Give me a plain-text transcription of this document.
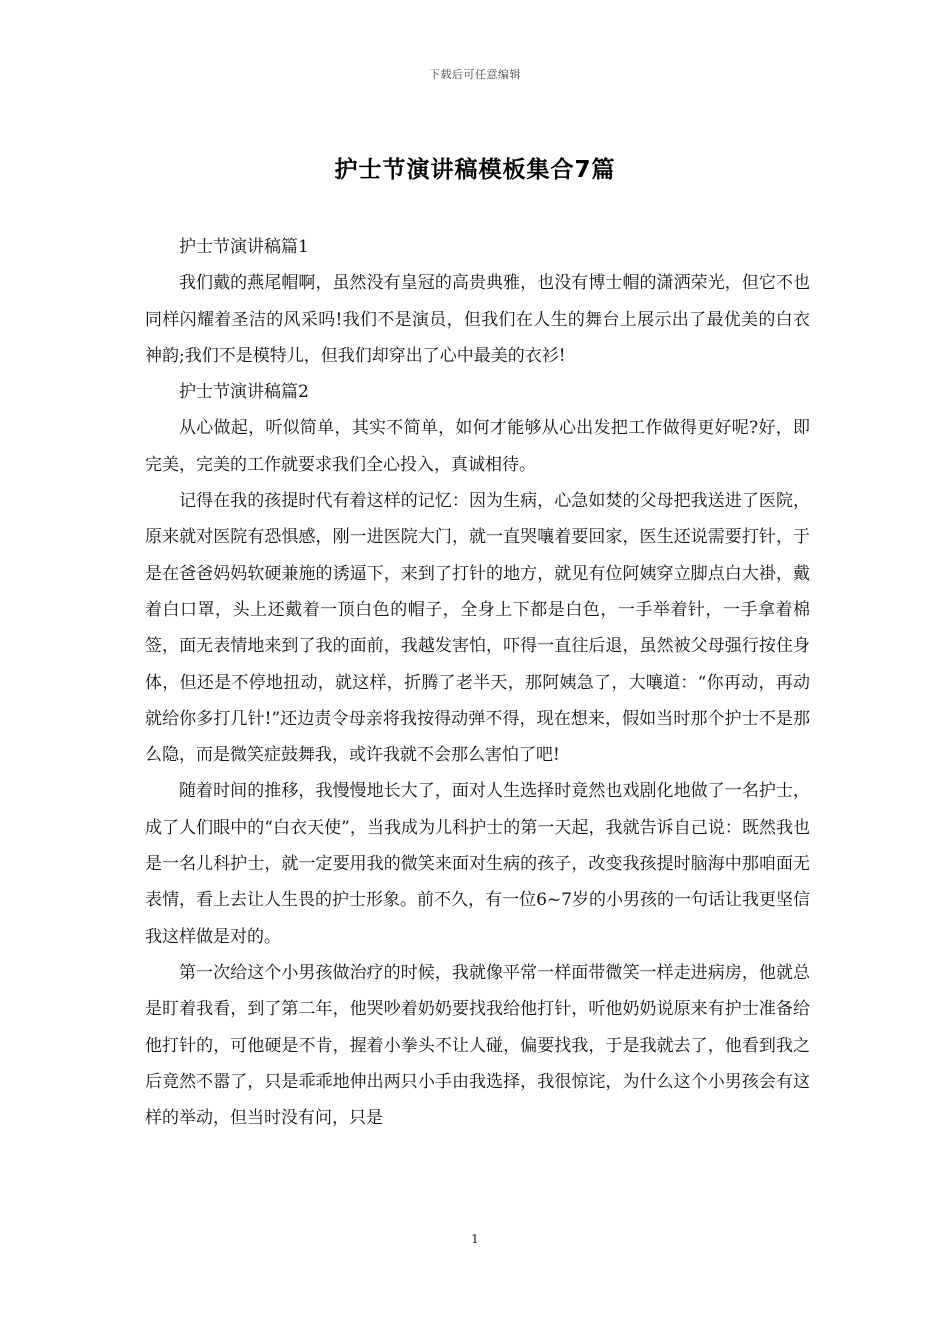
下载后可任意编辑
护士节演讲稿模板集合7篇

护士节演讲稿篇1

我们戴的燕尾帽啊，虽然没有皇冠的高贵典雅，也没有博士帽的潇洒荣光，但它不也同样闪耀着圣洁的风采吗!我们不是演员，但我们在人生的舞台上展示出了最优美的白衣神韵;我们不是模特儿，但我们却穿出了心中最美的衣衫!

护士节演讲稿篇2

从心做起，听似简单，其实不简单，如何才能够从心出发把工作做得更好呢?好，即完美，完美的工作就要求我们全心投入，真诚相待。

记得在我的孩提时代有着这样的记忆：因为生病，心急如焚的父母把我送进了医院，原来就对医院有恐惧感，刚一进医院大门，就一直哭嚷着要回家，医生还说需要打针，于是在爸爸妈妈软硬兼施的诱逼下，来到了打针的地方，就见有位阿姨穿立脚点白大褂，戴着白口罩，头上还戴着一顶白色的帽子，全身上下都是白色，一手举着针，一手拿着棉签，面无表情地来到了我的面前，我越发害怕，吓得一直往后退，虽然被父母强行按住身体，但还是不停地扭动，就这样，折腾了老半天，那阿姨急了，大嚷道：“你再动，再动就给你多打几针!”还边责令母亲将我按得动弹不得，现在想来，假如当时那个护士不是那么隐，而是微笑症鼓舞我，或许我就不会那么害怕了吧!

随着时间的推移，我慢慢地长大了，面对人生选择时竟然也戏剧化地做了一名护士，成了人们眼中的“白衣天使”，当我成为儿科护士的第一天起，我就告诉自己说：既然我也是一名儿科护士，就一定要用我的微笑来面对生病的孩子，改变我孩提时脑海中那咱面无表情，看上去让人生畏的护士形象。前不久，有一位6~7岁的小男孩的一句话让我更坚信我这样做是对的。

第一次给这个小男孩做治疗的时候，我就像平常一样面带微笑一样走进病房，他就总是盯着我看，到了第二年，他哭吵着奶奶要找我给他打针，听他奶奶说原来有护士准备给他打针的，可他硬是不肯，握着小拳头不让人碰，偏要找我，于是我就去了，他看到我之后竟然不嚣了，只是乖乖地伸出两只小手由我选择，我很惊诧，为什么这个小男孩会有这样的举动，但当时没有问，只是

1
